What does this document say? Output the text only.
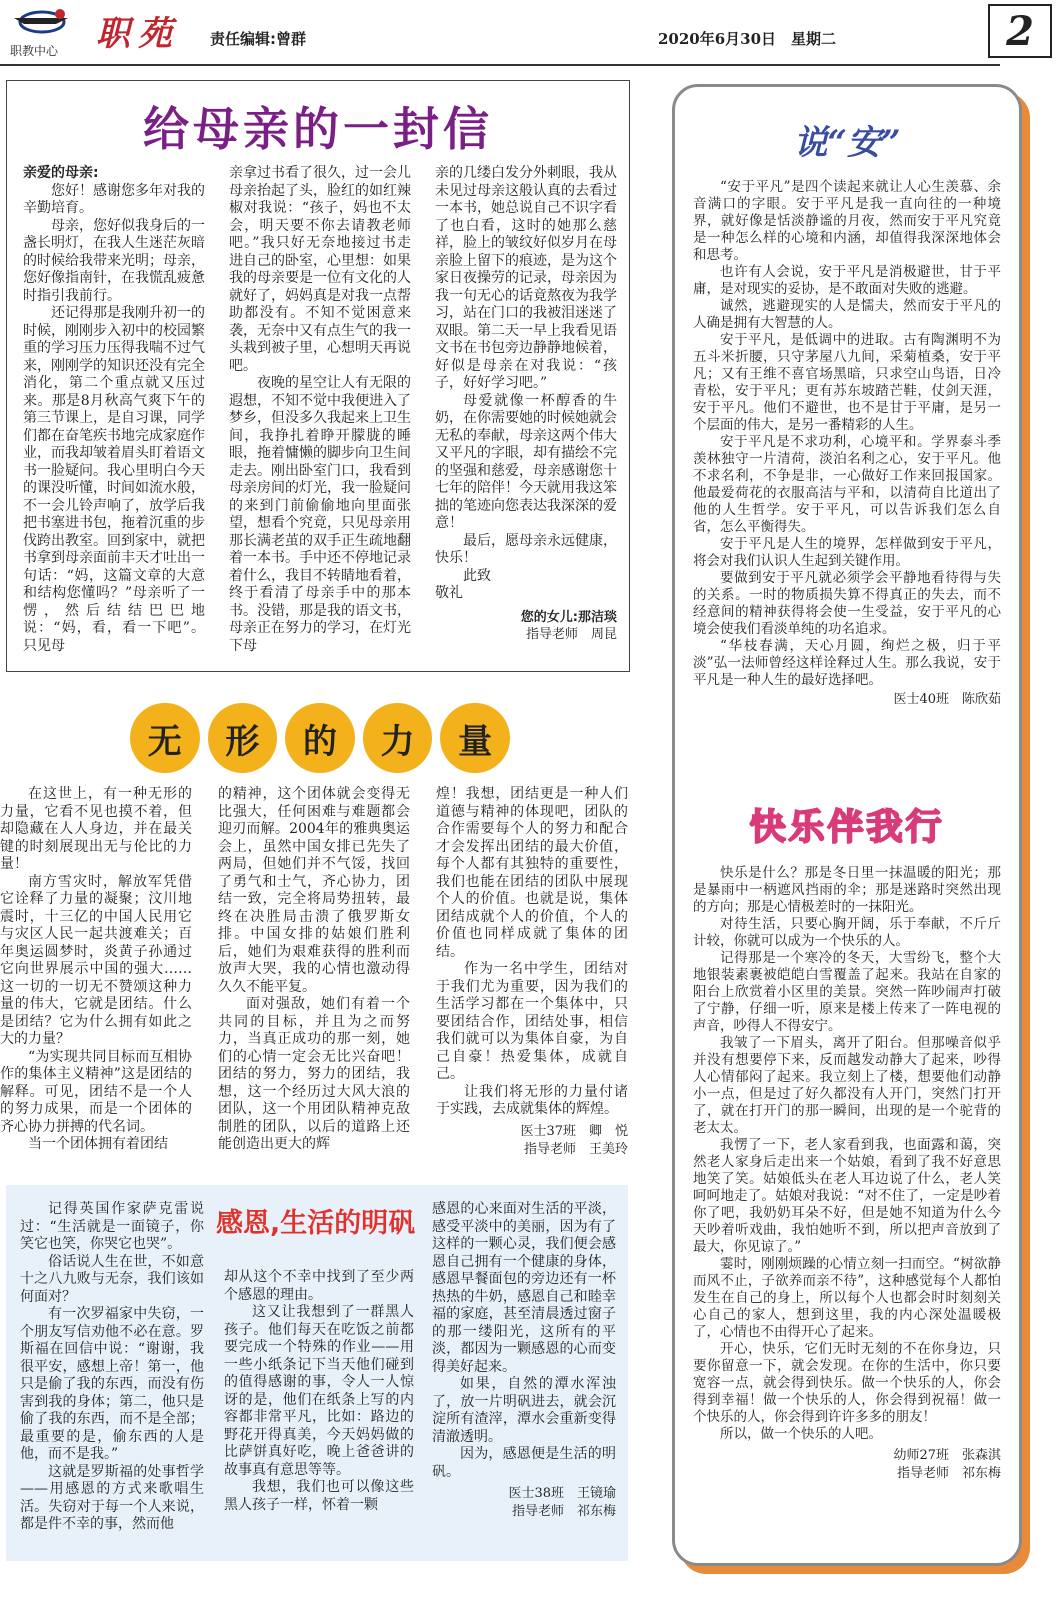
职教中心 职苑 责任编辑:曾群	2020年6月30日　星期二	2
给母亲的一封信

亲爱的母亲:

您好！感谢您多年对我的辛勤培育。

母亲，您好似我身后的一盏长明灯，在我人生迷茫灰暗的时候给我带来光明；母亲，您好像指南针，在我慌乱疲惫时指引我前行。

还记得那是我刚升初一的时候，刚刚步入初中的校园繁重的学习压力压得我喘不过气来，刚刚学的知识还没有完全消化，第二个重点就又压过来。那是8月秋高气爽下午的第三节课上，是自习课，同学们都在奋笔疾书地完成家庭作业，而我却皱着眉头盯着语文书一脸疑问。我心里明白今天的课没听懂，时间如流水般，不一会儿铃声响了，放学后我把书塞进书包，拖着沉重的步伐跨出教室。回到家中，就把书拿到母亲面前丰天才吐出一句话：“妈，这篇文章的大意和结构您懂吗？”母亲听了一愣，然后结结巴巴地说：“妈，看，看一下吧”。只见母

亲拿过书看了很久，过一会儿母亲抬起了头，脸红的如红辣椒对我说：“孩子，妈也不太会，明天要不你去请教老师吧。”我只好无奈地接过书走进自己的卧室，心里想：如果我的母亲要是一位有文化的人就好了，妈妈真是对我一点帮助都没有。不知不觉困意来袭，无奈中又有点生气的我一头栽到被子里，心想明天再说吧。

夜晚的星空让人有无限的遐想，不知不觉中我便进入了梦乡，但没多久我起来上卫生间，我挣扎着睁开朦胧的睡眼，拖着慵懒的脚步向卫生间走去。刚出卧室门口，我看到母亲房间的灯光，我一脸疑问的来到门前偷偷地向里面张望，想看个究竟，只见母亲用那长满老茧的双手正生疏地翻着一本书。手中还不停地记录着什么，我目不转睛地看着，终于看清了母亲手中的那本书。没错，那是我的语文书，母亲正在努力的学习，在灯光下母

亲的几缕白发分外刺眼，我从未见过母亲这般认真的去看过一本书，她总说自己不识字看了也白看，这时的她那么慈祥，脸上的皱纹好似岁月在母亲脸上留下的痕迹，是为这个家日夜操劳的记录，母亲因为我一句无心的话竟熬夜为我学习，站在门口的我被泪迷迷了双眼。第二天一早上我看见语文书在书包旁边静静地候着，好似是母亲在对我说：“孩子，好好学习吧。”

母爱就像一杯醇香的牛奶，在你需要她的时候她就会无私的奉献，母亲这两个伟大又平凡的字眼，却有描绘不完的坚强和慈爱，母亲感谢您十七年的陪伴！今天就用我这笨拙的笔迹向您表达我深深的爱意！

最后，愿母亲永远健康，快乐！

此致

敬礼

您的女儿:那洁琰
指导老师　周昆
无	形	的	力	量

在这世上，有一种无形的力量，它看不见也摸不着，但却隐藏在人人身边，并在最关键的时刻展现出无与伦比的力量！

南方雪灾时，解放军凭借它诠释了力量的凝聚；汶川地震时，十三亿的中国人民用它与灾区人民一起共渡难关；百年奥运圆梦时，炎黄子孙通过它向世界展示中国的强大……这一切的一切无不赞颂这种力量的伟大，它就是团结。什么是团结？它为什么拥有如此之大的力量？

“为实现共同目标而互相协作的集体主义精神”这是团结的解释。可见，团结不是一个人的努力成果，而是一个团体的齐心协力拼搏的代名词。

当一个团体拥有着团结

的精神，这个团体就会变得无比强大，任何困难与难题都会迎刃而解。2004年的雅典奥运会上，虽然中国女排已先失了两局，但她们并不气馁，找回了勇气和士气，齐心协力，团结一致，完全将局势扭转，最终在决胜局击溃了俄罗斯女排。中国女排的姑娘们胜利后，她们为艰难获得的胜利而放声大哭，我的心情也激动得久久不能平复。

面对强敌，她们有着一个共同的目标，并且为之而努力，当真正成功的那一刻，她们的心情一定会无比兴奋吧！团结的努力，努力的团结，我想，这一个经历过大风大浪的团队，这一个用团队精神克敌制胜的团队，以后的道路上还能创造出更大的辉

煌！我想，团结更是一种人们道德与精神的体现吧，团队的合作需要每个人的努力和配合才会发挥出团结的最大价值，每个人都有其独特的重要性，我们也能在团结的团队中展现个人的价值。也就是说，集体团结成就个人的价值，个人的价值也同样成就了集体的团结。

作为一名中学生，团结对于我们尤为重要，因为我们的生活学习都在一个集体中，只要团结合作，团结处事，相信我们就可以为集体自豪，为自己自豪！热爱集体，成就自己。

让我们将无形的力量付诸于实践，去成就集体的辉煌。

医士37班　卿　悦
指导老师　王美玲

记得英国作家萨克雷说过：“生活就是一面镜子，你笑它也笑，你哭它也哭”。

俗话说人生在世，不如意十之八九败与无奈，我们该如何面对？

有一次罗福家中失窃，一个朋友写信劝他不必在意。罗斯福在回信中说：“谢谢，我很平安，感想上帝！第一，他只是偷了我的东西，而没有伤害到我的身体；第二，他只是偷了我的东西，而不是全部；最重要的是，偷东西的人是他，而不是我。”

这就是罗斯福的处事哲学——用感恩的方式来歌唱生活。失窃对于每一个人来说，都是件不幸的事，然而他

感恩,生活的明矾

却从这个不幸中找到了至少两个感恩的理由。

这又让我想到了一群黑人孩子。他们每天在吃饭之前都要完成一个特殊的作业——用一些小纸条记下当天他们碰到的值得感谢的事，令人一人惊讶的是，他们在纸条上写的内容都非常平凡，比如：路边的野花开得真美，今天妈妈做的比萨饼真好吃，晚上爸爸讲的故事真有意思等等。

我想，我们也可以像这些黑人孩子一样，怀着一颗

感恩的心来面对生活的平淡，感受平淡中的美丽，因为有了这样的一颗心灵，我们便会感恩自己拥有一个健康的身体，感恩早餐面包的旁边还有一杯热热的牛奶，感恩自己和睦幸福的家庭，甚至清晨透过窗子的那一缕阳光，这所有的平淡，都因为一颗感恩的心而变得美好起来。

如果，自然的潭水浑浊了，放一片明矾进去，就会沉淀所有渣滓，潭水会重新变得清澈透明。

因为，感恩便是生活的明矾。

医士38班　王镜瑜
指导老师　祁东梅
说“安”

“安于平凡”是四个读起来就让人心生羡慕、余音满口的字眼。安于平凡是我一直向往的一种境界，就好像是恬淡静谧的月夜，然而安于平凡究竟是一种怎么样的心境和内涵，却值得我深深地体会和思考。

也许有人会说，安于平凡是消极避世，甘于平庸，是对现实的妥协，是不敢面对失败的逃避。

诚然，逃避现实的人是懦夫，然而安于平凡的人确是拥有大智慧的人。

安于平凡，是低调中的进取。古有陶渊明不为五斗米折腰，只守茅屋八九间，采菊植桑，安于平凡；又有王维不喜官场黑暗，只求空山鸟语，日冷青松，安于平凡；更有苏东坡踏芒鞋，仗剑天涯，安于平凡。他们不避世，也不是甘于平庸，是另一个层面的伟大，是另一番精彩的人生。

安于平凡是不求功利，心境平和。学界泰斗季羡林独守一片清荷，淡泊名利之心，安于平凡。他不求名利，不争是非，一心做好工作来回报国家。他最爱荷花的衣服高洁与平和，以清荷自比道出了他的人生哲学。安于平凡，可以告诉我们怎么自省，怎么平衡得失。

安于平凡是人生的境界，怎样做到安于平凡，将会对我们认识人生起到关键作用。

要做到安于平凡就必须学会平静地看待得与失的关系。一时的物质损失算不得真正的失去，而不经意间的精神获得将会使一生受益，安于平凡的心境会使我们看淡单纯的功名追求。

“华枝春满，天心月圆，绚烂之极，归于平淡”弘一法师曾经这样诠释过人生。那么我说，安于平凡是一种人生的最好选择吧。

医士40班　陈欣茹
快乐伴我行

快乐是什么？那是冬日里一抹温暖的阳光；那是暴雨中一柄遮风挡雨的伞；那是迷路时突然出现的方向；那是心情极差时的一抹阳光。

对待生活，只要心胸开阔，乐于奉献，不斤斤计较，你就可以成为一个快乐的人。

记得那是一个寒冷的冬天，大雪纷飞，整个大地银装素裹被皑皑白雪覆盖了起来。我站在自家的阳台上欣赏着小区里的美景。突然一阵吵闹声打破了宁静，仔细一听，原来是楼上传来了一阵电视的声音，吵得人不得安宁。

我皱了一下眉头，离开了阳台。但那噪音似乎并没有想要停下来，反而越发动静大了起来，吵得人心情郁闷了起来。我立刻上了楼，想要他们动静小一点，但是过了好久都没有人开门，突然门打开了，就在打开门的那一瞬间，出现的是一个驼背的老太太。

我愣了一下，老人家看到我，也面露和蔼，突然老人家身后走出来一个姑娘，看到了我不好意思地笑了笑。姑娘低头在老人耳边说了什么，老人笑呵呵地走了。姑娘对我说：“对不住了，一定是吵着你了吧，我奶奶耳朵不好，但是她不知道为什么今天吵着听戏曲，我怕她听不到，所以把声音放到了最大，你见谅了。”

霎时，刚刚烦躁的心情立刻一扫而空。“树欲静而风不止，子欲养而亲不待”，这种感觉每个人都怕发生在自己的身上，所以每个人也都会时时刻刻关心自己的家人，想到这里，我的内心深处温暖极了，心情也不由得开心了起来。

开心，快乐，它们无时无刻的不在你身边，只要你留意一下，就会发现。在你的生活中，你只要宽容一点，就会得到快乐。做一个快乐的人，你会得到幸福！做一个快乐的人，你会得到祝福！做一个快乐的人，你会得到许许多多的朋友！

所以，做一个快乐的人吧。

幼师27班　张森淇
指导老师　祁东梅
